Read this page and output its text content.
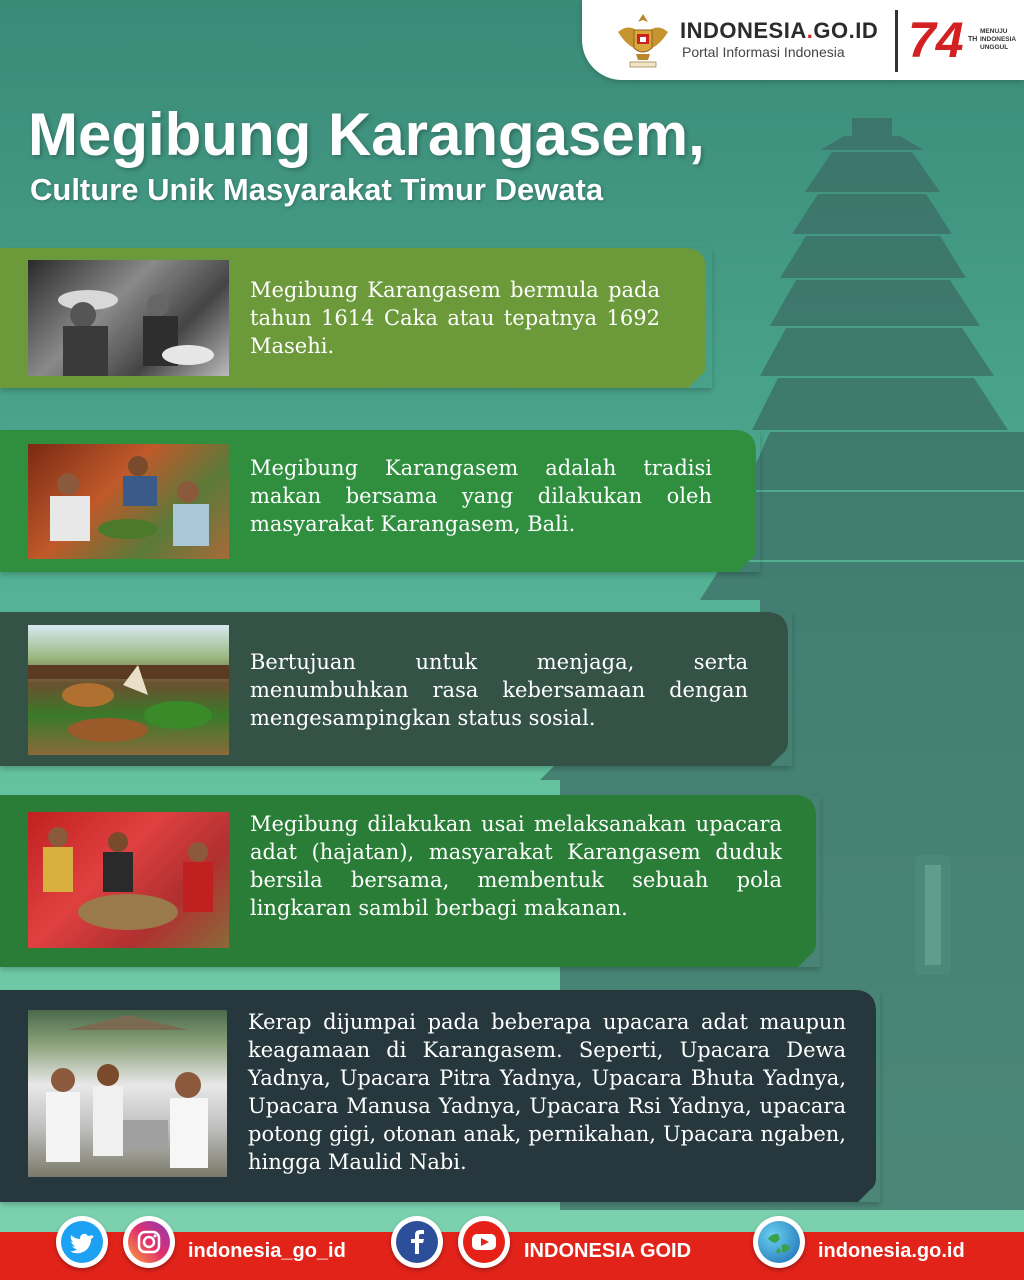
INDONESIA.GO.ID
Portal Informasi Indonesia 74 TH
MENUJU INDONESIA UNGGUL
Megibung Karangasem,
Culture Unik Masyarakat Timur Dewata

Megibung Karangasem bermula pada tahun 1614 Caka atau tepatnya 1692 Masehi.

Megibung Karangasem adalah tradisi makan bersama yang dilakukan oleh masyarakat Karangasem, Bali.

Bertujuan untuk menjaga, serta menumbuhkan rasa kebersamaan dengan mengesampingkan status sosial.

Megibung dilakukan usai melaksanakan upacara adat (hajatan), masyarakat Karangasem duduk bersila bersama, membentuk sebuah pola lingkaran sambil berbagi makanan.

Kerap dijumpai pada beberapa upacara adat maupun keagamaan di Karangasem. Seperti, Upacara Dewa Yadnya, Upacara Pitra Yadnya, Upacara Bhuta Yadnya, Upacara Manusa Yadnya, Upacara Rsi Yadnya, upacara potong gigi, otonan anak, pernikahan, Upacara ngaben, hingga Maulid Nabi.

indonesia_go_id	INDONESIA GOID	indonesia.go.id
